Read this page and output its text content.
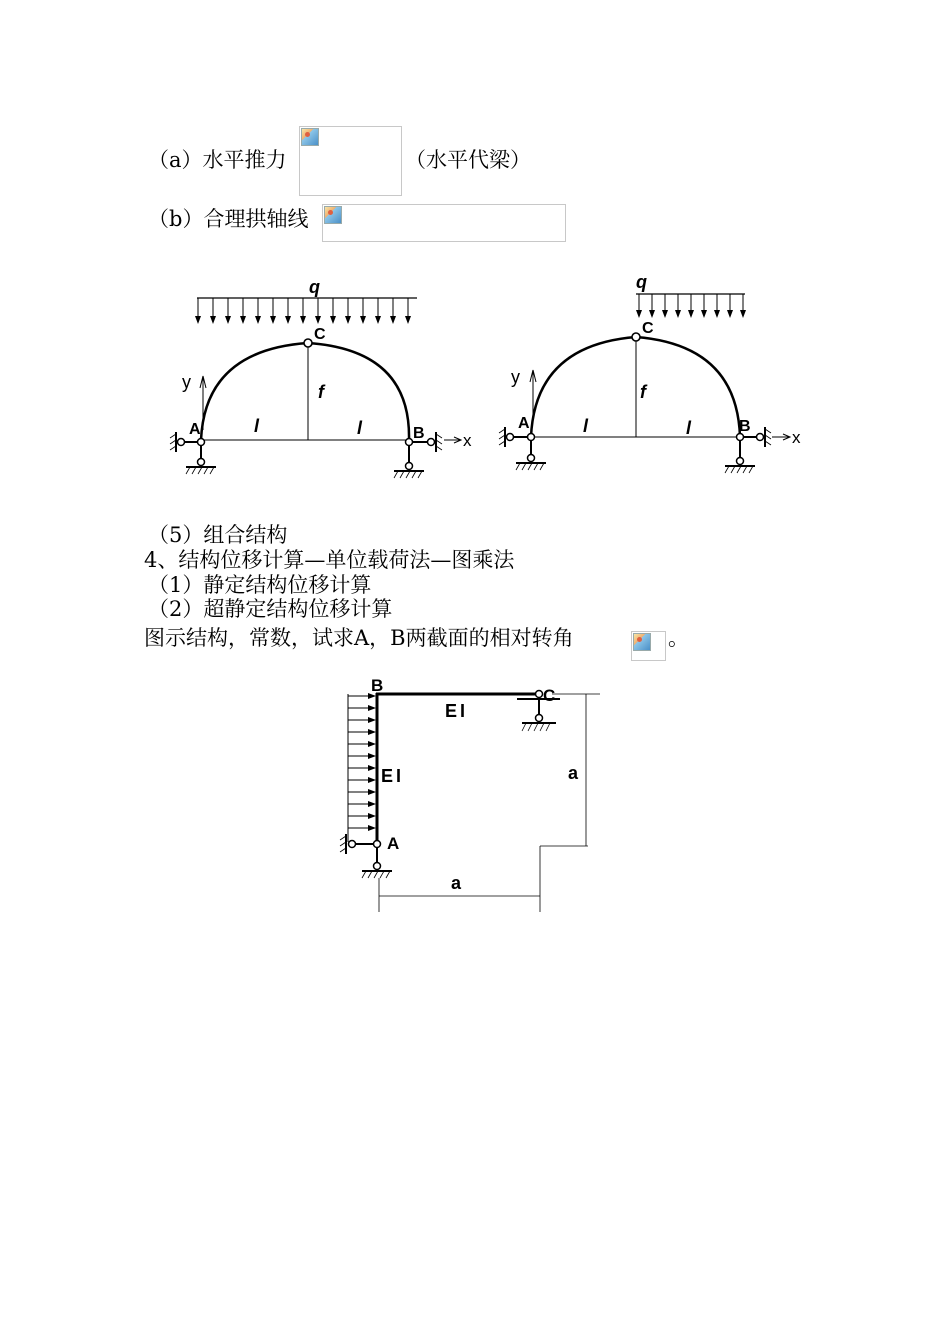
（a）水平推力	（水平代梁）
（b）合理拱轴线
q
C
f
l	l
y
A	B x
q
C
f
l	l
y
A	B
x
（5）组合结构
4、结构位移计算—单位载荷法—图乘法
（1）静定结构位移计算
（2）超静定结构位移计算
图示结构，常数，试求A，B两截面的相对转角	。
B
EI
EI
C
A
a
a
